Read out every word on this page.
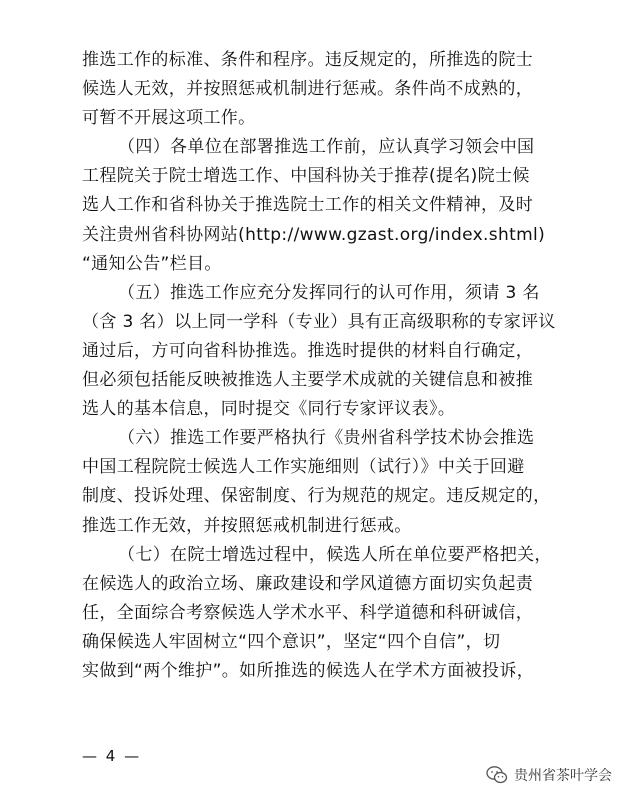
推选工作的标准、条件和程序。违反规定的，所推选的院士
候选人无效，并按照惩戒机制进行惩戒。条件尚不成熟的，
可暂不开展这项工作。
（四）各单位在部署推选工作前，应认真学习领会中国
工程院关于院士增选工作、中国科协关于推荐(提名)院士候
选人工作和省科协关于推选院士工作的相关文件精神，及时
关注贵州省科协网站(http://www.gzast.org/index.shtml)
“通知公告”栏目。
（五）推选工作应充分发挥同行的认可作用，须请 3 名
（含 3 名）以上同一学科（专业）具有正高级职称的专家评议
通过后，方可向省科协推选。推选时提供的材料自行确定，
但必须包括能反映被推选人主要学术成就的关键信息和被推
选人的基本信息，同时提交《同行专家评议表》。
（六）推选工作要严格执行《贵州省科学技术协会推选
中国工程院院士候选人工作实施细则（试行）》中关于回避
制度、投诉处理、保密制度、行为规范的规定。违反规定的，
推选工作无效，并按照惩戒机制进行惩戒。
（七）在院士增选过程中，候选人所在单位要严格把关，
在候选人的政治立场、廉政建设和学风道德方面切实负起责
任，全面综合考察候选人学术水平、科学道德和科研诚信，
确保候选人牢固树立“四个意识”，坚定“四个自信”，切
实做到“两个维护”。如所推选的候选人在学术方面被投诉，
— 4 —
贵州省茶叶学会
